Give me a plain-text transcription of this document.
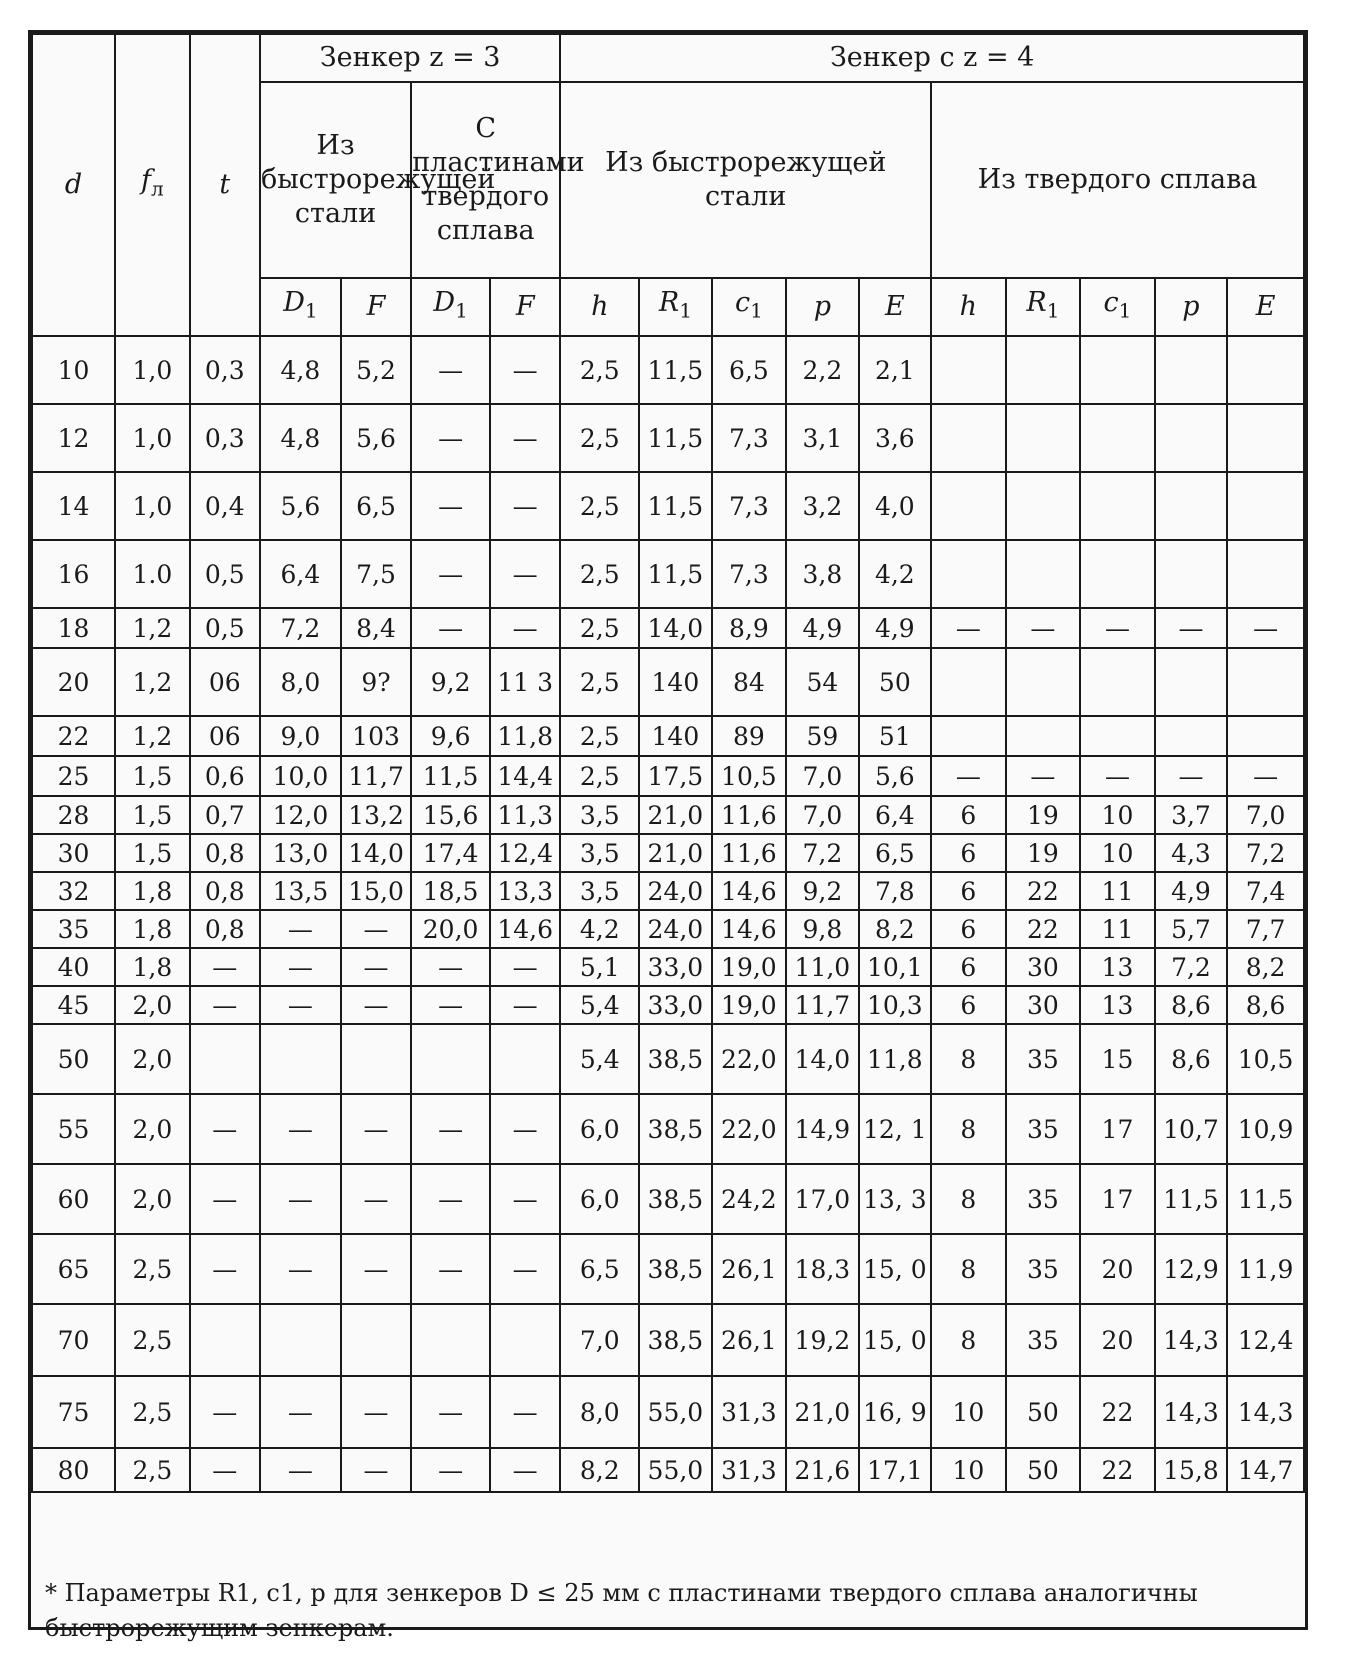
d	$f_л$	t	Зенкер z = 3				Зенкер с z = 4									
			Из быстрорежущей стали		С пластинами твердого сплава		Из быстрорежущей стали					Из твердого сплава				
			$D_1$	F	$D_1$	F	h	$R_1$	$c_1$	p	E	h	$R_1$	$c_1$	p	E
10	1,0	0,3	4,8	5,2	—	—	2,5	11,5	6,5	2,2	2,1					
12	1,0	0,3	4,8	5,6	—	—	2,5	11,5	7,3	3,1	3,6					
14	1,0	0,4	5,6	6,5	—	—	2,5	11,5	7,3	3,2	4,0					
16	1.0	0,5	6,4	7,5	—	—	2,5	11,5	7,3	3,8	4,2					
18	1,2	0,5	7,2	8,4	—	—	2,5	14,0	8,9	4,9	4,9	—	—	—	—	—
20	1,2	06	8,0	9?	9,2	11 3	2,5	140	84	54	50					
22	1,2	06	9,0	103	9,6	11,8	2,5	140	89	59	51					
25	1,5	0,6	10,0	11,7	11,5	14,4	2,5	17,5	10,5	7,0	5,6	—	—	—	—	—
28	1,5	0,7	12,0	13,2	15,6	11,3	3,5	21,0	11,6	7,0	6,4	6	19	10	3,7	7,0
30	1,5	0,8	13,0	14,0	17,4	12,4	3,5	21,0	11,6	7,2	6,5	6	19	10	4,3	7,2
32	1,8	0,8	13,5	15,0	18,5	13,3	3,5	24,0	14,6	9,2	7,8	6	22	11	4,9	7,4
35	1,8	0,8	—	—	20,0	14,6	4,2	24,0	14,6	9,8	8,2	6	22	11	5,7	7,7
40	1,8	—	—	—	—	—	5,1	33,0	19,0	11,0	10,1	6	30	13	7,2	8,2
45	2,0	—	—	—	—	—	5,4	33,0	19,0	11,7	10,3	6	30	13	8,6	8,6
50	2,0						5,4	38,5	22,0	14,0	11,8	8	35	15	8,6	10,5
55	2,0	—	—	—	—	—	6,0	38,5	22,0	14,9	12, 1	8	35	17	10,7	10,9
60	2,0	—	—	—	—	—	6,0	38,5	24,2	17,0	13, 3	8	35	17	11,5	11,5
65	2,5	—	—	—	—	—	6,5	38,5	26,1	18,3	15, 0	8	35	20	12,9	11,9
70	2,5						7,0	38,5	26,1	19,2	15, 0	8	35	20	14,3	12,4
75	2,5	—	—	—	—	—	8,0	55,0	31,3	21,0	16, 9	10	50	22	14,3	14,3
80	2,5	—	—	—	—	—	8,2	55,0	31,3	21,6	17,1	10	50	22	15,8	14,7
* Параметры R1, c1, p для зенкеров D ≤ 25 мм с пластинами твердого сплава аналогичны быстрорежущим зенкерам.
